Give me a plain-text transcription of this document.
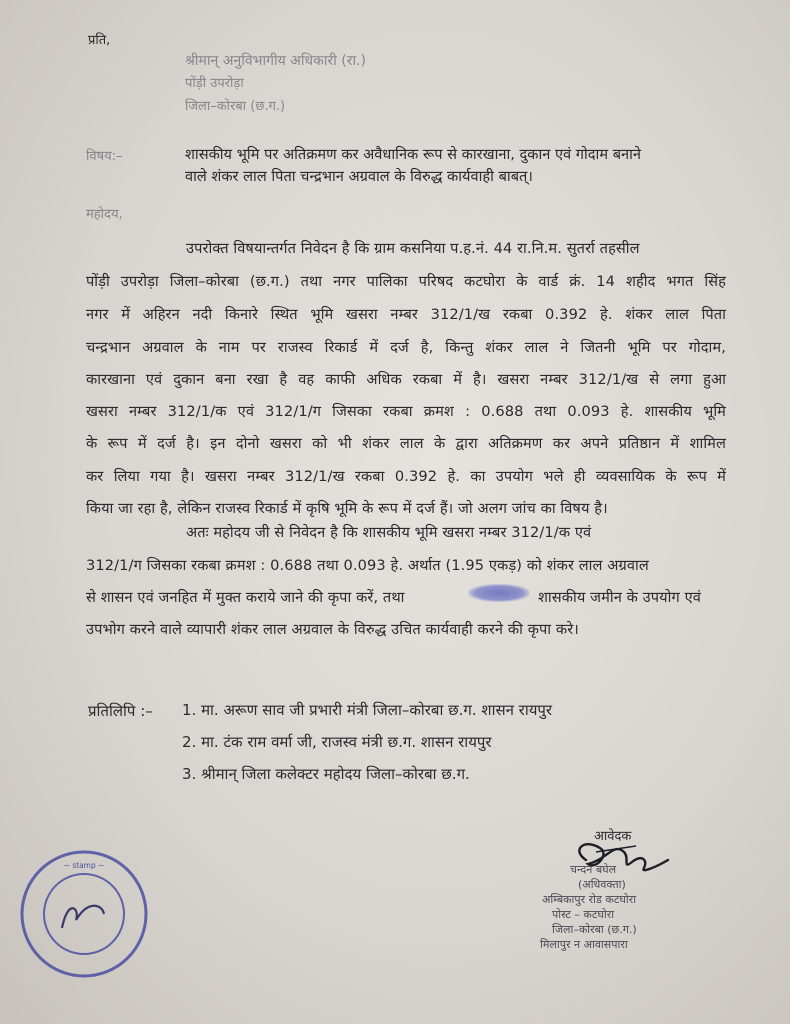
प्रति,
श्रीमान् अनुविभागीय अधिकारी (रा.)
पोंड़ी उपरोड़ा
जिला–कोरबा (छ.ग.)
विषय:–	शासकीय भूमि पर अतिक्रमण कर अवैधानिक रूप से कारखाना, दुकान एवं गोदाम बनाने
वाले शंकर लाल पिता चन्द्रभान अग्रवाल के विरुद्ध कार्यवाही बाबत्।
महोदय,
उपरोक्त विषयान्तर्गत निवेदन है कि ग्राम कसनिया प.ह.नं. 44 रा.नि.म. सुतर्रा तहसील
पोंड़ी उपरोड़ा जिला–कोरबा (छ.ग.) तथा नगर पालिका परिषद कटघोरा के वार्ड क्रं. 14 शहीद भगत सिंह
नगर में अहिरन नदी किनारे स्थित भूमि खसरा नम्बर 312/1/ख रकबा 0.392 हे. शंकर लाल पिता
चन्द्रभान अग्रवाल के नाम पर राजस्व रिकार्ड में दर्ज है, किन्तु शंकर लाल ने जितनी भूमि पर गोदाम,
कारखाना एवं दुकान बना रखा है वह काफी अधिक रकबा में है। खसरा नम्बर 312/1/ख से लगा हुआ
खसरा नम्बर 312/1/क एवं 312/1/ग जिसका रकबा क्रमश : 0.688 तथा 0.093 हे. शासकीय भूमि
के रूप में दर्ज है। इन दोनो खसरा को भी शंकर लाल के द्वारा अतिक्रमण कर अपने प्रतिष्ठान में शामिल
कर लिया गया है। खसरा नम्बर 312/1/ख रकबा 0.392 हे. का उपयोग भले ही व्यवसायिक के रूप में
किया जा रहा है, लेकिन राजस्व रिकार्ड में कृषि भूमि के रूप में दर्ज हैं। जो अलग जांच का विषय है।
अतः महोदय जी से निवेदन है कि शासकीय भूमि खसरा नम्बर 312/1/क एवं
312/1/ग जिसका रकबा क्रमश : 0.688 तथा 0.093 हे. अर्थात (1.95 एकड़) को शंकर लाल अग्रवाल
से शासन एवं जनहित में मुक्त कराये जाने की कृपा करें, तथा	शासकीय जमीन के उपयोग एवं
उपभोग करने वाले व्यापारी शंकर लाल अग्रवाल के विरुद्ध उचित कार्यवाही करने की कृपा करे।
प्रतिलिपि :– 1. मा. अरूण साव जी प्रभारी मंत्री जिला–कोरबा छ.ग. शासन रायपुर
2. मा. टंक राम वर्मा जी, राजस्व मंत्री छ.ग. शासन रायपुर
3. श्रीमान् जिला कलेक्टर महोदय जिला–कोरबा छ.ग.
आवेदक
चन्दन बघेल
(अधिवक्ता)
अम्बिकापुर रोड कटघोरा
पोस्ट – कटघोरा
जिला–कोरबा (छ.ग.)
मिलापुर न आवासपारा
~ stamp ~
